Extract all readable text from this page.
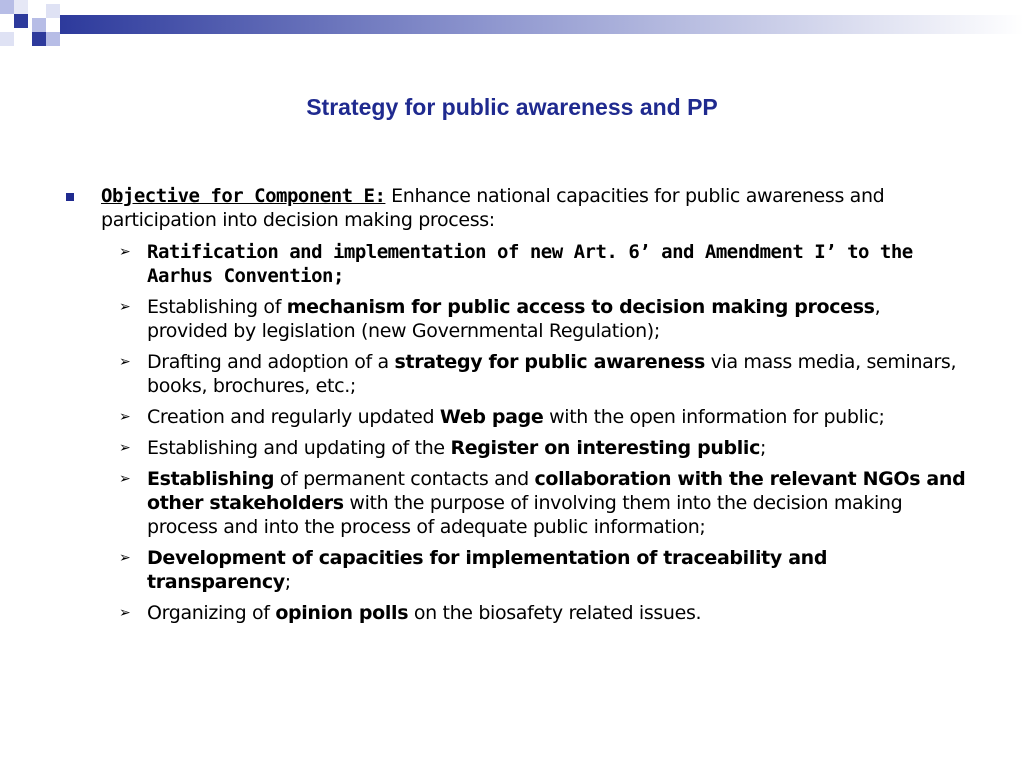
Strategy for public awareness and PP
Objective for Component E: Enhance national capacities for public awareness and participation into decision making process:
➢ Ratification and implementation of new Art. 6’ and Amendment I’ to the Aarhus Convention;
➢ Establishing of mechanism for public access to decision making process, provided by legislation (new Governmental Regulation);
➢ Drafting and adoption of a strategy for public awareness via mass media, seminars, books, brochures, etc.;
➢ Creation and regularly updated Web page with the open information for public;
➢ Establishing and updating of the Register on interesting public;
➢ Establishing of permanent contacts and collaboration with the relevant NGOs and other stakeholders with the purpose of involving them into the decision making process and into the process of adequate public information;
➢ Development of capacities for implementation of traceability and transparency;
➢ Organizing of opinion polls on the biosafety related issues.
